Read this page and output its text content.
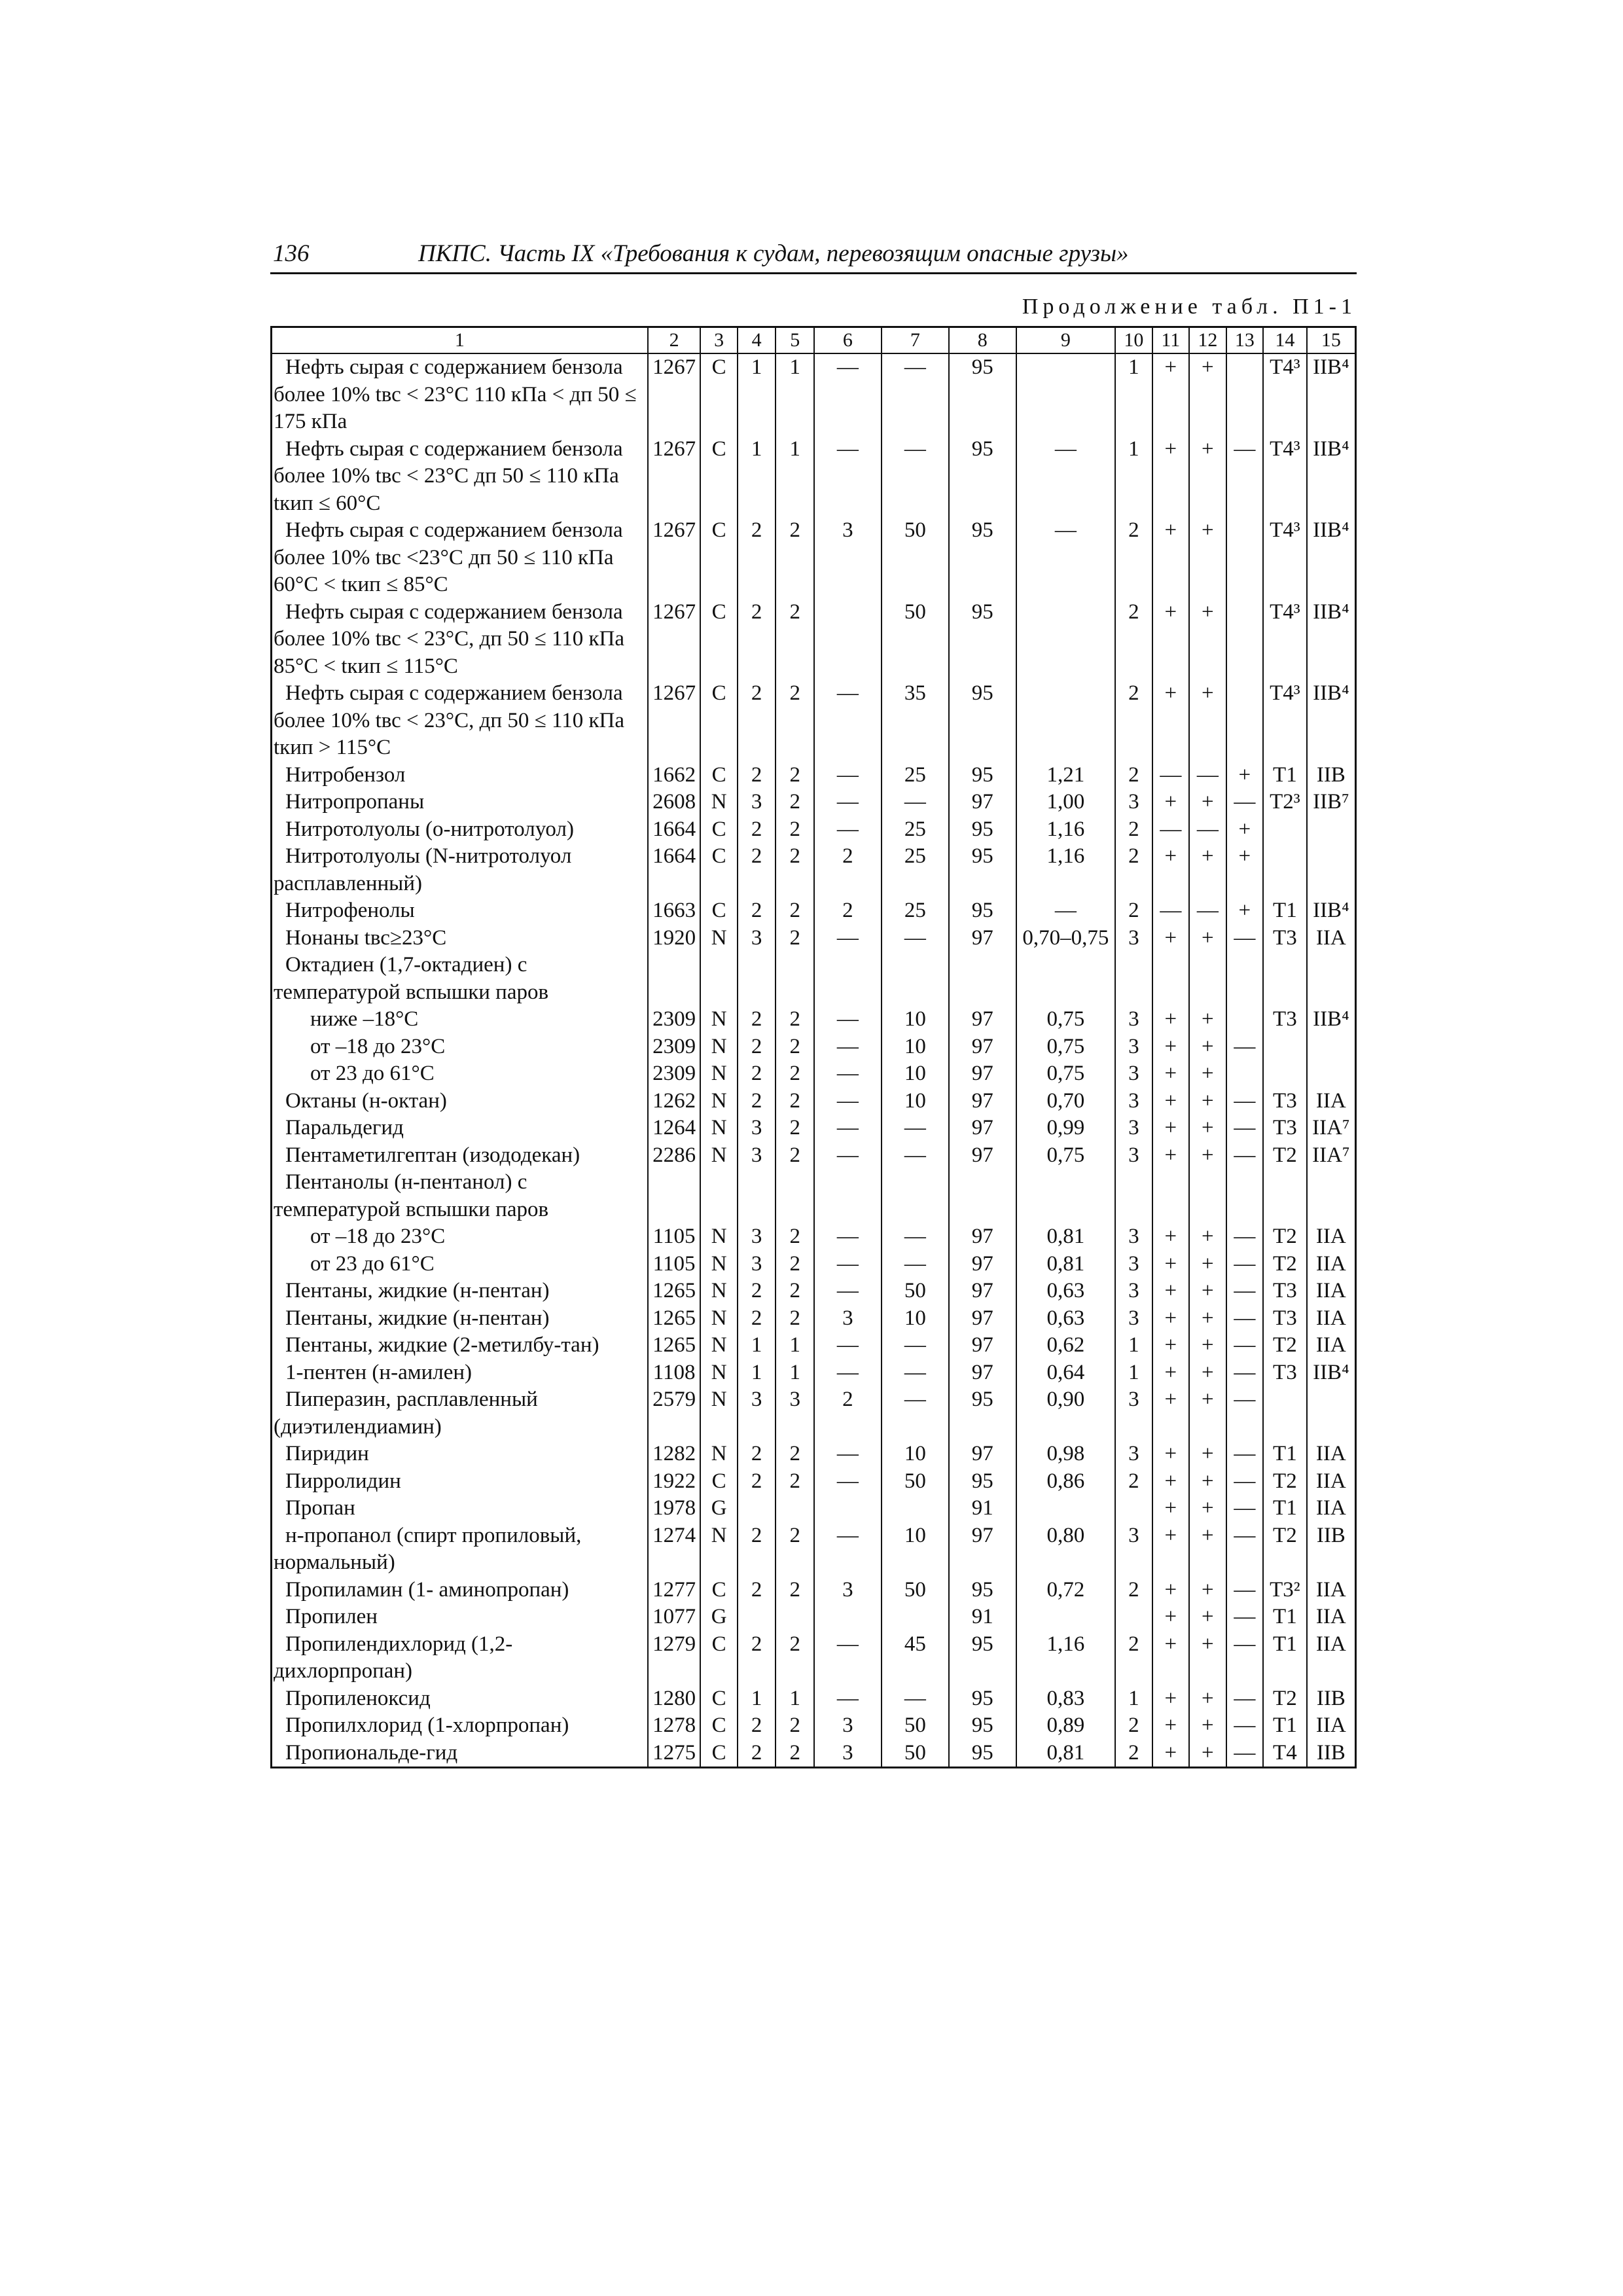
136	ПКПС. Часть IX «Требования к судам, перевозящим опасные грузы»
Продолжение табл. П1-1
1	2	3	4	5	6	7	8	9	10	11	12	13	14	15
Нефть сырая с содержанием бензола более 10% tвс < 23°С 110 кПа < дп 50 ≤ 175 кПа	1267	C	1	1	—	—	95		1	+	+		T4³	IIB⁴
Нефть сырая с содержанием бензола более 10% tвс < 23°С дп 50 ≤ 110 кПа tкип ≤ 60°С	1267	C	1	1	—	—	95	—	1	+	+	—	T4³	IIB⁴
Нефть сырая с содержанием бензола более 10% tвс <23°С дп 50 ≤ 110 кПа 60°С < tкип ≤ 85°С	1267	C	2	2	3	50	95	—	2	+	+		T4³	IIB⁴
Нефть сырая с содержанием бензола более 10% tвс < 23°С, дп 50 ≤ 110 кПа 85°С < tкип ≤ 115°С	1267	C	2	2		50	95		2	+	+		T4³	IIB⁴
Нефть сырая с содержанием бензола более 10% tвс < 23°С, дп 50 ≤ 110 кПа tкип > 115°С	1267	C	2	2	—	35	95		2	+	+		T4³	IIB⁴
Нитробензол	1662	C	2	2	—	25	95	1,21	2	—	—	+	T1	IIB
Нитропропаны	2608	N	3	2	—	—	97	1,00	3	+	+	—	T2³	IIB⁷
Нитротолуолы (о-нитротолуол)	1664	C	2	2	—	25	95	1,16	2	—	—	+		
Нитротолуолы (N-нитротолуол расплавленный)	1664	C	2	2	2	25	95	1,16	2	+	+	+		
Нитрофенолы	1663	C	2	2	2	25	95	—	2	—	—	+	T1	IIB⁴
Нонаны tвс≥23°С	1920	N	3	2	—	—	97	0,70–0,75	3	+	+	—	T3	IIA
Октадиен (1,7-октадиен) с температурой вспышки паров														
ниже –18°С	2309	N	2	2	—	10	97	0,75	3	+	+		T3	IIB⁴
от –18 до 23°С	2309	N	2	2	—	10	97	0,75	3	+	+	—		
от 23 до 61°С	2309	N	2	2	—	10	97	0,75	3	+	+			
Октаны (н-октан)	1262	N	2	2	—	10	97	0,70	3	+	+	—	T3	IIA
Паральдегид	1264	N	3	2	—	—	97	0,99	3	+	+	—	T3	IIA⁷
Пентаметилгептан (изододекан)	2286	N	3	2	—	—	97	0,75	3	+	+	—	T2	IIA⁷
Пентанолы (н-пентанол) с температурой вспышки паров														
от –18 до 23°С	1105	N	3	2	—	—	97	0,81	3	+	+	—	T2	IIA
от 23 до 61°С	1105	N	3	2	—	—	97	0,81	3	+	+	—	T2	IIA
Пентаны, жидкие (н-пентан)	1265	N	2	2	—	50	97	0,63	3	+	+	—	T3	IIA
Пентаны, жидкие (н-пентан)	1265	N	2	2	3	10	97	0,63	3	+	+	—	T3	IIA
Пентаны, жидкие (2-метилбу-тан)	1265	N	1	1	—	—	97	0,62	1	+	+	—	T2	IIA
1-пентен (н-амилен)	1108	N	1	1	—	—	97	0,64	1	+	+	—	T3	IIB⁴
Пиперазин, расплавленный (диэтилендиамин)	2579	N	3	3	2	—	95	0,90	3	+	+	—		
Пиридин	1282	N	2	2	—	10	97	0,98	3	+	+	—	T1	IIA
Пирролидин	1922	C	2	2	—	50	95	0,86	2	+	+	—	T2	IIA
Пропан	1978	G					91			+	+	—	T1	IIA
н-пропанол (спирт пропиловый, нормальный)	1274	N	2	2	—	10	97	0,80	3	+	+	—	T2	IIB
Пропиламин (1- аминопропан)	1277	C	2	2	3	50	95	0,72	2	+	+	—	T3²	IIA
Пропилен	1077	G					91			+	+	—	T1	IIA
Пропилендихлорид (1,2-дихлорпропан)	1279	C	2	2	—	45	95	1,16	2	+	+	—	T1	IIA
Пропиленоксид	1280	C	1	1	—	—	95	0,83	1	+	+	—	T2	IIB
Пропилхлорид (1-хлорпропан)	1278	C	2	2	3	50	95	0,89	2	+	+	—	T1	IIA
Пропиональде-гид	1275	C	2	2	3	50	95	0,81	2	+	+	—	T4	IIB
